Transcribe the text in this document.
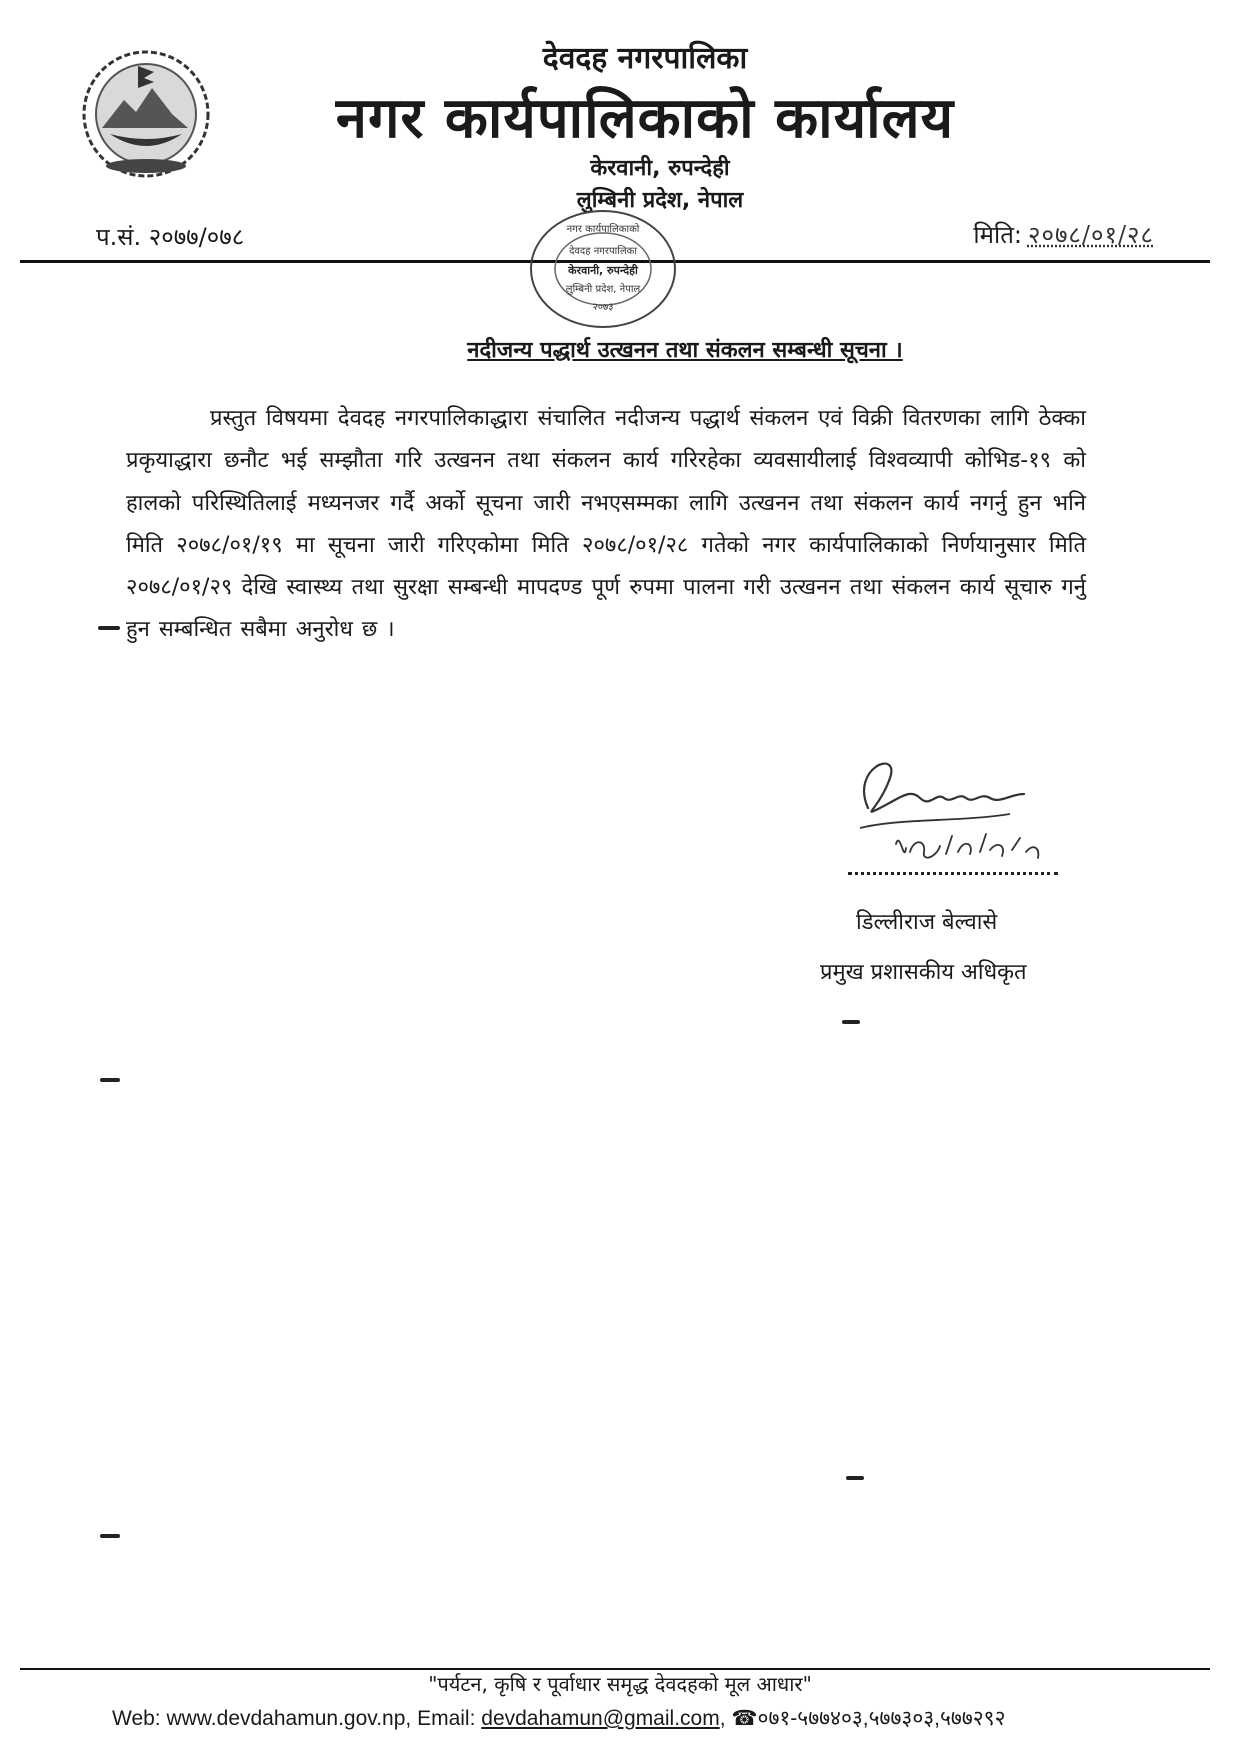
देवदह नगरपालिका
नगर कार्यपालिकाको कार्यालय
केरवानी, रुपन्देही
लुम्बिनी प्रदेश, नेपाल
प.सं. २०७७/०७८	मिति: २०७८/०१/२८
नगर कार्यपालिकाको
देवदह नगरपालिका
केरवानी, रुपन्देही
लुम्बिनी प्रदेश, नेपाल
२०७३
नदीजन्य पद्धार्थ उत्खनन तथा संकलन सम्बन्धी सूचना ।
प्रस्तुत विषयमा देवदह नगरपालिकाद्धारा संचालित नदीजन्य पद्धार्थ संकलन एवं विक्री वितरणका लागि ठेक्का प्रकृयाद्धारा छनौट भई सम्झौता गरि उत्खनन तथा संकलन कार्य गरिरहेका व्यवसायीलाई विश्वव्यापी कोभिड-१९ को हालको परिस्थितिलाई मध्यनजर गर्दै अर्को सूचना जारी नभएसम्मका लागि उत्खनन तथा संकलन कार्य नगर्नु हुन भनि मिति २०७८/०१/१९ मा सूचना जारी गरिएकोमा मिति २०७८/०१/२८ गतेको नगर कार्यपालिकाको निर्णयानुसार मिति २०७८/०१/२९ देखि स्वास्थ्य तथा सुरक्षा सम्बन्धी मापदण्ड पूर्ण रुपमा पालना गरी उत्खनन तथा संकलन कार्य सूचारु गर्नु हुन सम्बन्धित सबैमा अनुरोध छ ।
डिल्लीराज बेल्वासे
प्रमुख प्रशासकीय अधिकृत
"पर्यटन, कृषि र पूर्वाधार समृद्ध देवदहको मूल आधार"
Web: www.devdahamun.gov.np, Email: devdahamun@gmail.com, ☎०७१-५७७४०३,५७७३०३,५७७२९२
